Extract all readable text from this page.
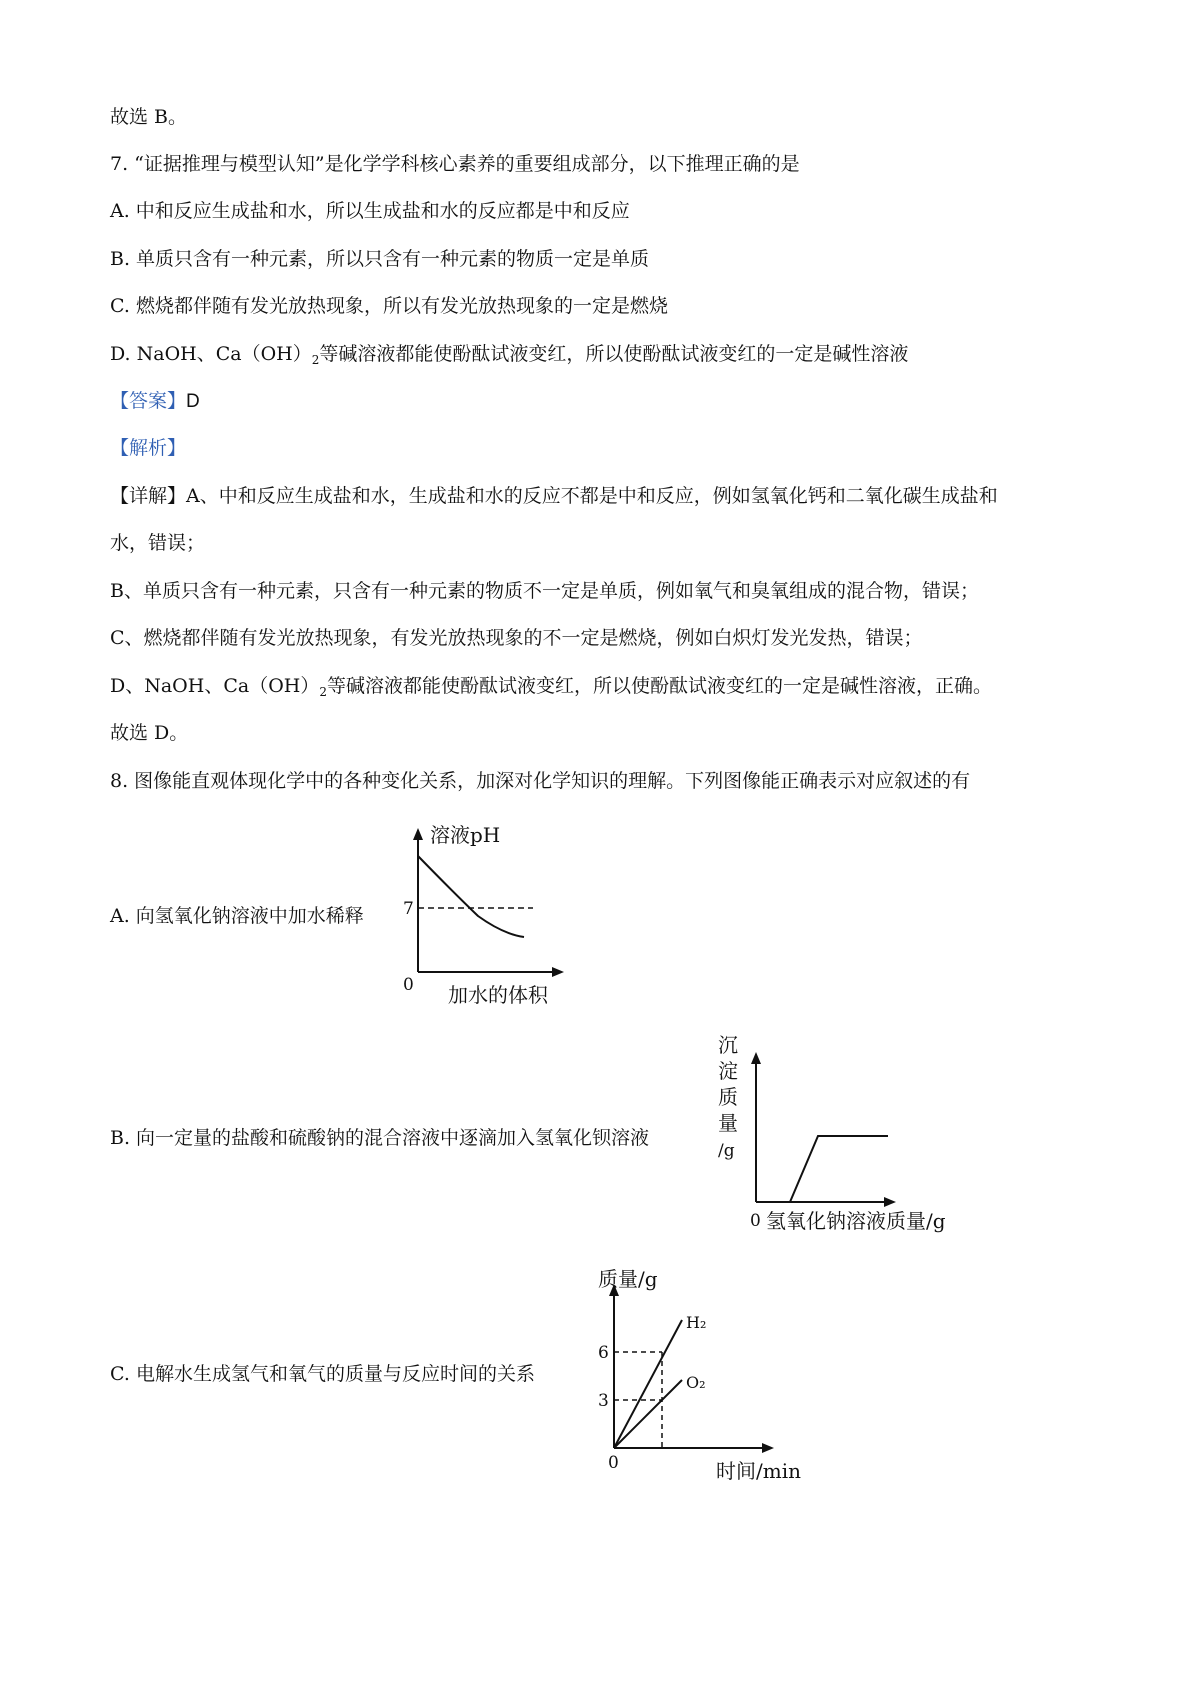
故选 B。
7. “证据推理与模型认知”是化学学科核心素养的重要组成部分，以下推理正确的是
A. 中和反应生成盐和水，所以生成盐和水的反应都是中和反应
B. 单质只含有一种元素，所以只含有一种元素的物质一定是单质
C. 燃烧都伴随有发光放热现象，所以有发光放热现象的一定是燃烧
D. NaOH、$Ca(OH)_2$等碱溶液都能使酚酞试液变红，所以使酚酞试液变红的一定是碱性溶液
【答案】D
【解析】
【详解】A、中和反应生成盐和水，生成盐和水的反应不都是中和反应，例如氢氧化钙和二氧化碳生成盐和
水，错误；
B、单质只含有一种元素，只含有一种元素的物质不一定是单质，例如氧气和臭氧组成的混合物，错误；
C、燃烧都伴随有发光放热现象，有发光放热现象的不一定是燃烧，例如白炽灯发光发热，错误；
D、NaOH、$Ca(OH)_2$等碱溶液都能使酚酞试液变红，所以使酚酞试液变红的一定是碱性溶液，正确。
故选 D。
8. 图像能直观体现化学中的各种变化关系，加深对化学知识的理解。下列图像能正确表示对应叙述的有
A. 向氢氧化钠溶液中加水稀释
B. 向一定量的盐酸和硫酸钠的混合溶液中逐滴加入氢氧化钡溶液
C. 电解水生成氢气和氧气的质量与反应时间的关系
溶液pH
7
0 加水的体积
沉
淀
质
量
/g
0 氢氧化钠溶液质量/g
质量/g
6
3
0
H₂
O₂
时间/min
